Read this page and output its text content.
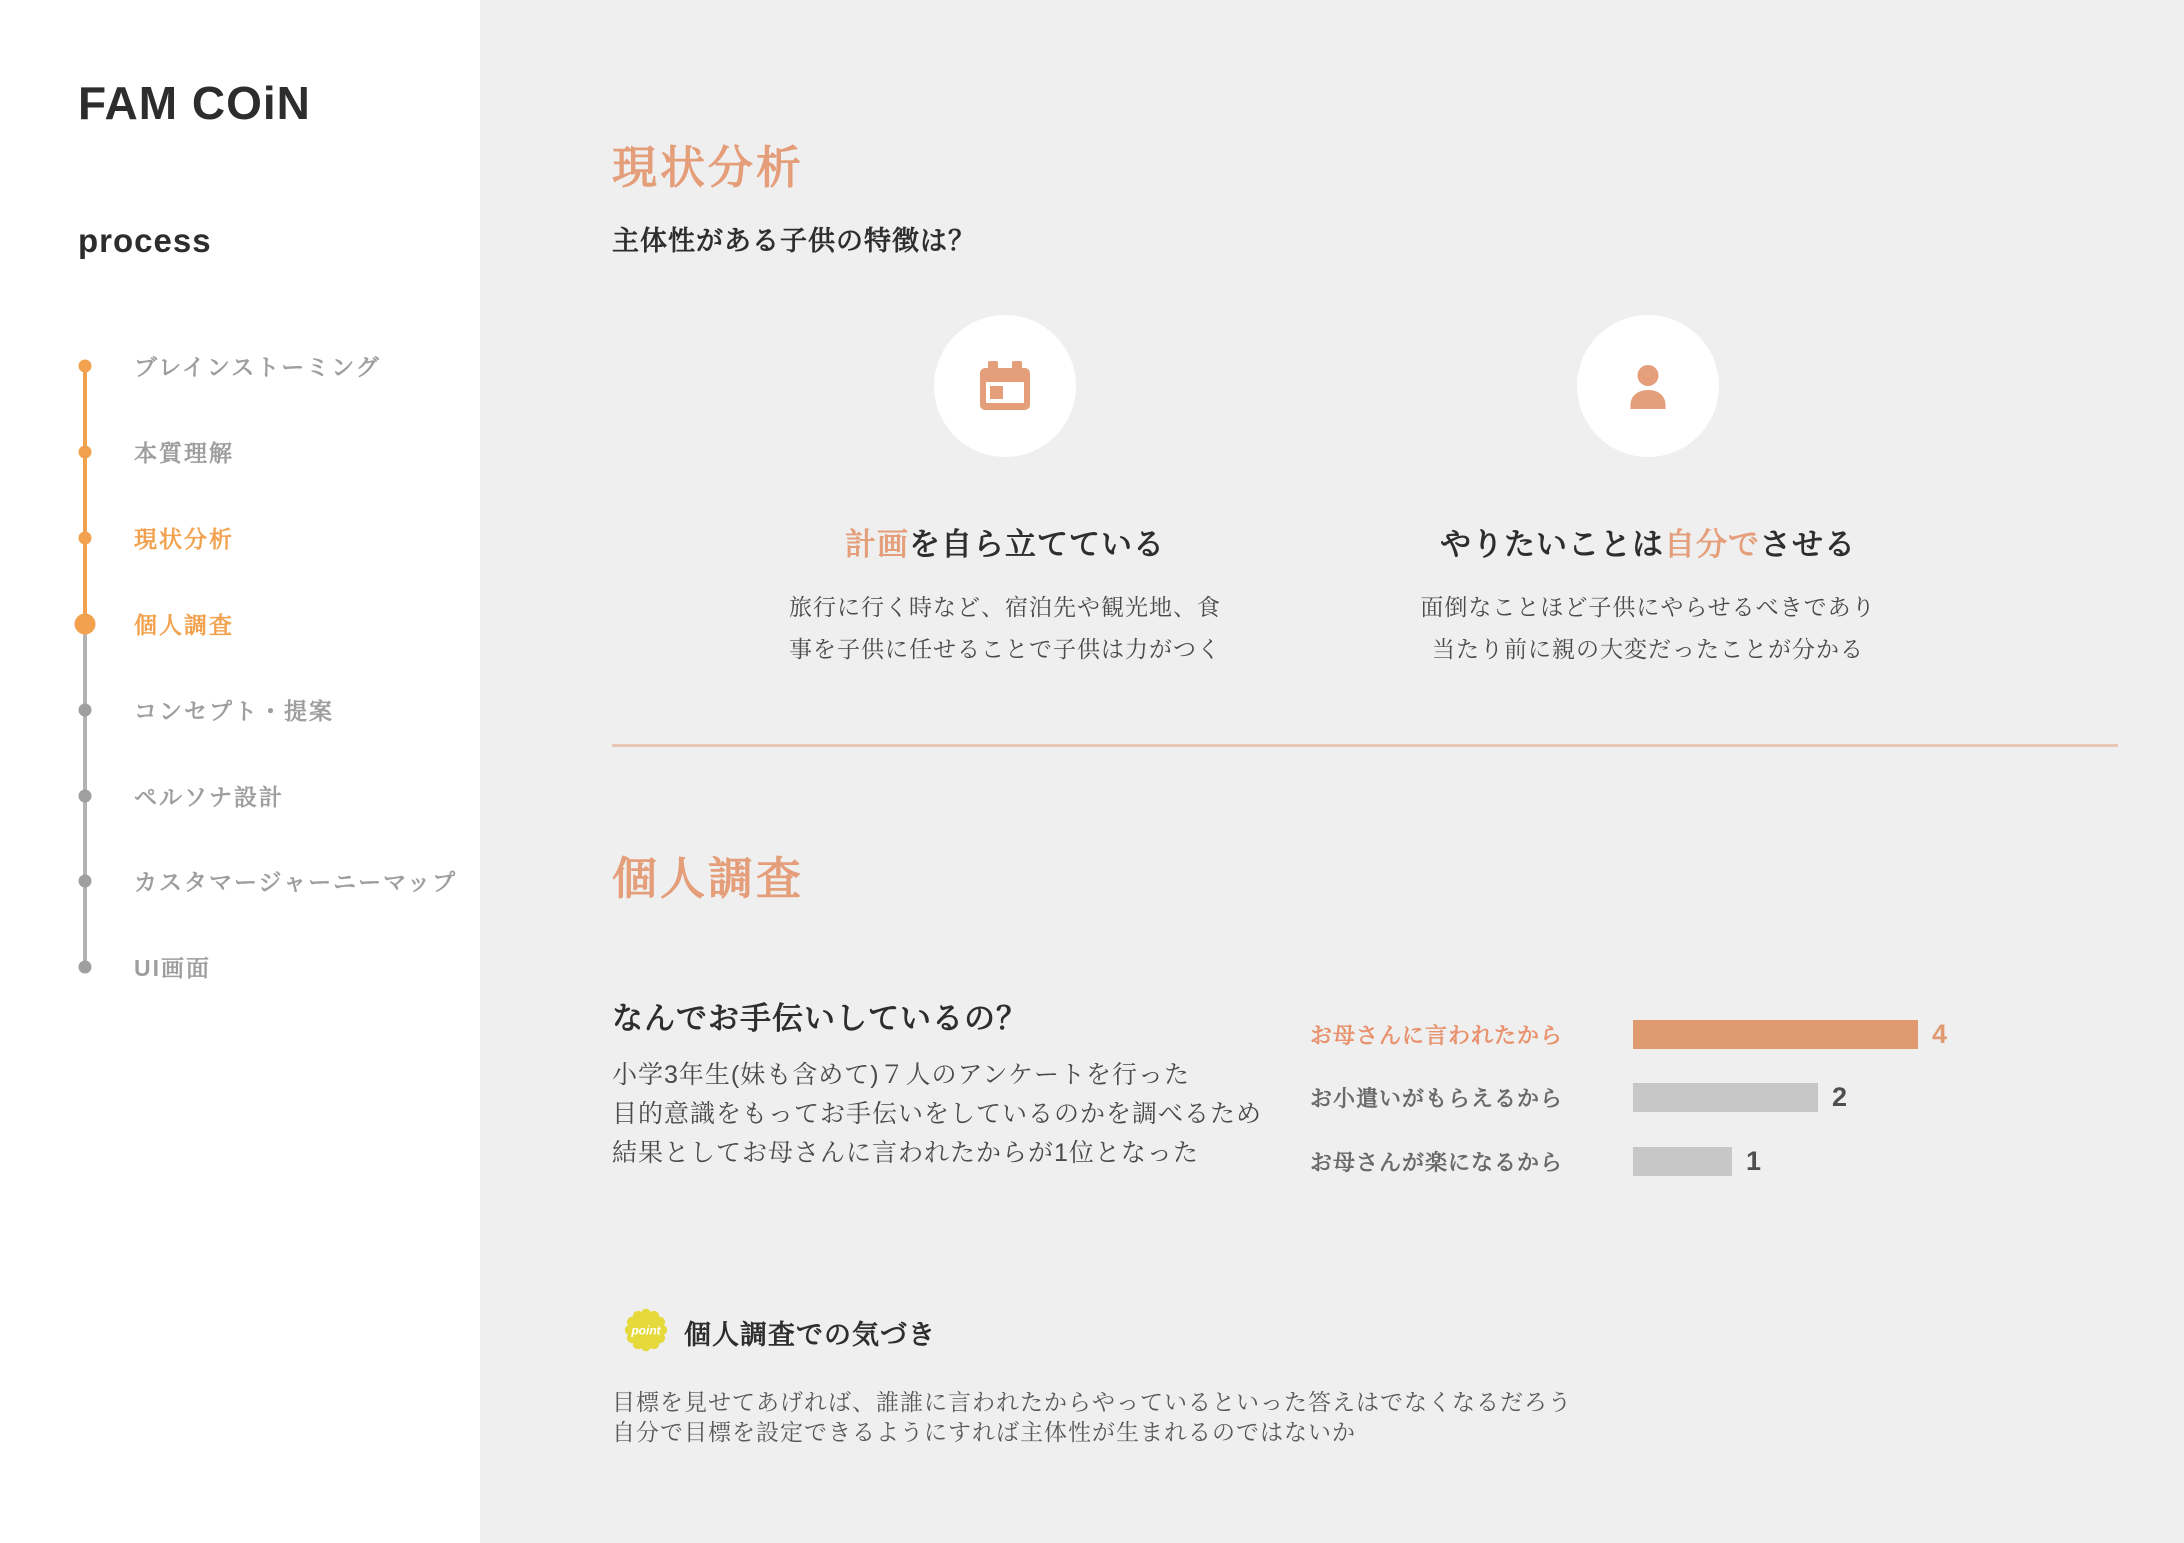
FAM COiN
process
ブレインストーミング
本質理解
現状分析
個人調査
コンセプト・提案
ペルソナ設計
カスタマージャーニーマップ
UI画面
現状分析
主体性がある子供の特徴は？
計画を自ら立てている
旅行に行く時など、宿泊先や観光地、食
事を子供に任せることで子供は力がつく
やりたいことは自分でさせる
面倒なことほど子供にやらせるべきであり
当たり前に親の大変だったことが分かる
個人調査
なんでお手伝いしているの？
小学3年生(妹も含めて)７人のアンケートを行った
目的意識をもってお手伝いをしているのかを調べるため
結果としてお母さんに言われたからが1位となった
お母さんに言われたから	4
お小遣いがもらえるから	2
お母さんが楽になるから	1
point 個人調査での気づき
目標を見せてあげれば、誰誰に言われたからやっているといった答えはでなくなるだろう
自分で目標を設定できるようにすれば主体性が生まれるのではないか
